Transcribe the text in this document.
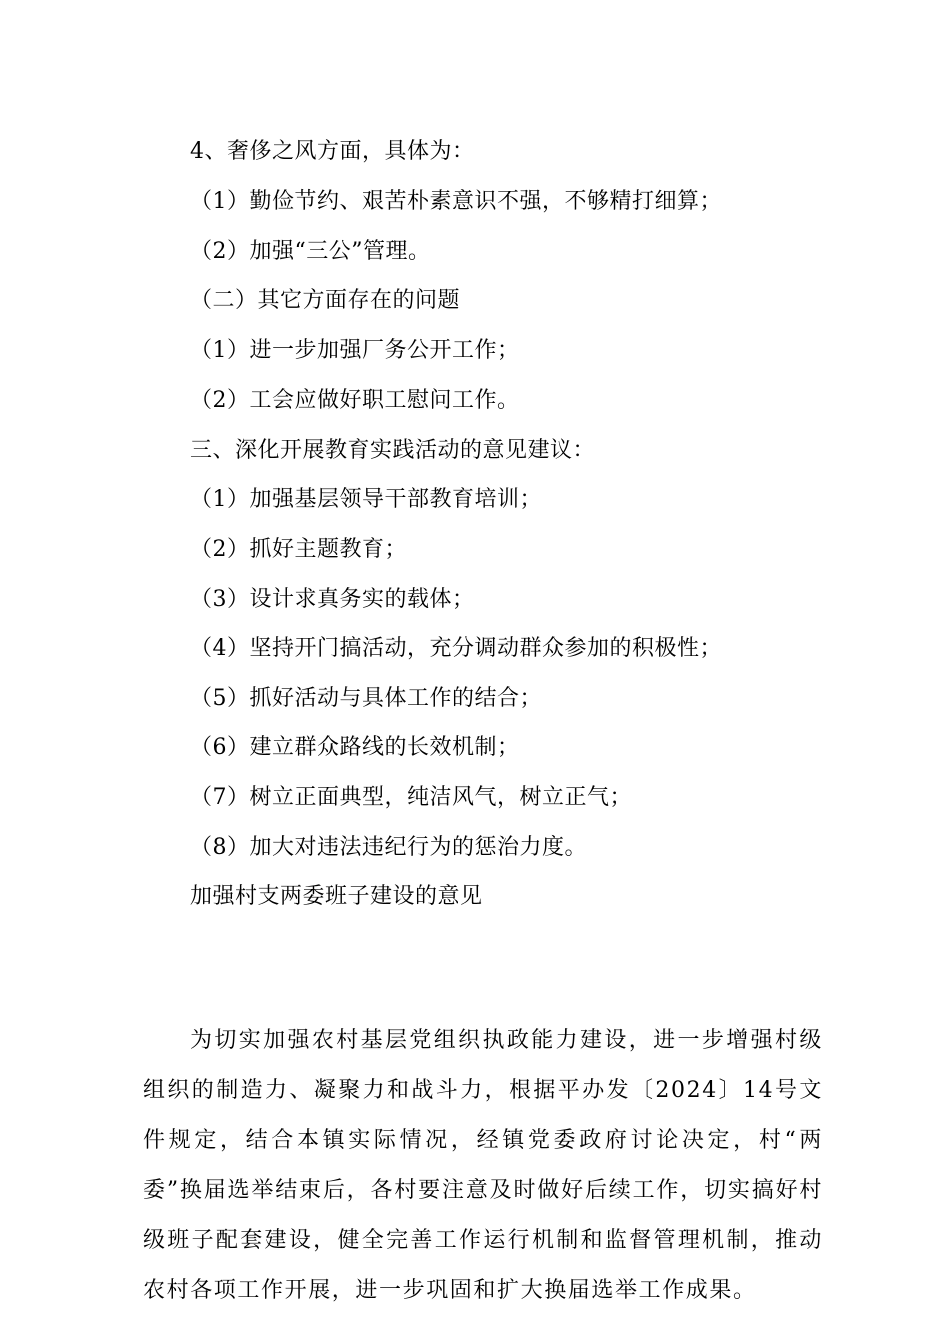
4、奢侈之风方面，具体为：
（1）勤俭节约、艰苦朴素意识不强，不够精打细算；
（2）加强“三公”管理。
（二）其它方面存在的问题
（1）进一步加强厂务公开工作；
（2）工会应做好职工慰问工作。
三、深化开展教育实践活动的意见建议：
（1）加强基层领导干部教育培训；
（2）抓好主题教育；
（3）设计求真务实的载体；
（4）坚持开门搞活动，充分调动群众参加的积极性；
（5）抓好活动与具体工作的结合；
（6）建立群众路线的长效机制；
（7）树立正面典型，纯洁风气，树立正气；
（8）加大对违法违纪行为的惩治力度。
加强村支两委班子建设的意见

为切实加强农村基层党组织执政能力建设，进一步增强村级组织的制造力、凝聚力和战斗力，根据平办发〔2024〕14号文件规定，结合本镇实际情况，经镇党委政府讨论决定，村“两委”换届选举结束后，各村要注意及时做好后续工作，切实搞好村级班子配套建设，健全完善工作运行机制和监督管理机制，推动农村各项工作开展，进一步巩固和扩大换届选举工作成果。
